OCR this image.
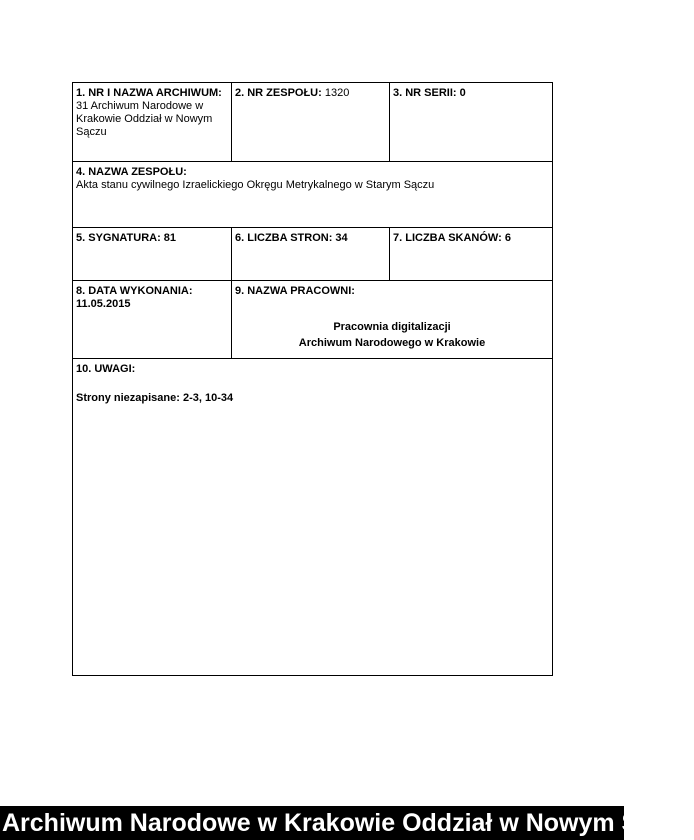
1. NR I NAZWA ARCHIWUM:
31 Archiwum Narodowe w Krakowie Oddział w Nowym Sączu
2. NR ZESPOŁU: 1320	3. NR SERII: 0
4. NAZWA ZESPOŁU:
Akta stanu cywilnego Izraelickiego Okręgu Metrykalnego w Starym Sączu
5. SYGNATURA: 81	6. LICZBA STRON: 34	7. LICZBA SKANÓW: 6
8. DATA WYKONANIA:
11.05.2015
9. NAZWA PRACOWNI:
Pracownia digitalizacji
Archiwum Narodowego w Krakowie
10. UWAGI:
Strony niezapisane: 2-3, 10-34
Archiwum Narodowe w Krakowie Oddział w Nowym Sączu
